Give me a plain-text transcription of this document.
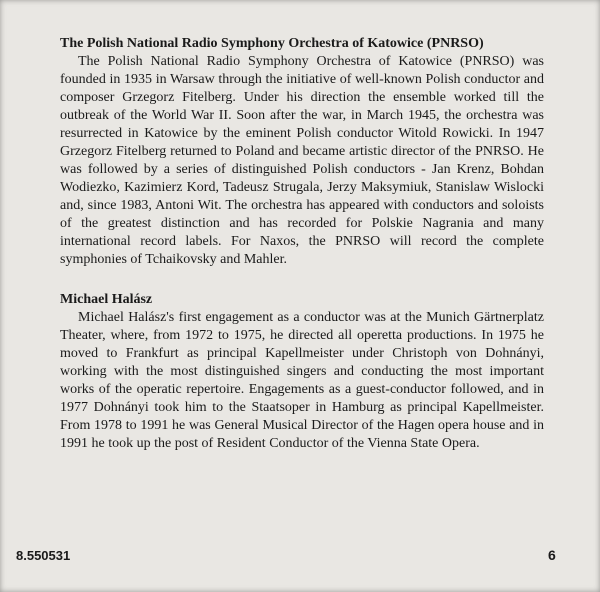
The Polish National Radio Symphony Orchestra of Katowice (PNRSO)

The Polish National Radio Symphony Orchestra of Katowice (PNRSO) was founded in 1935 in Warsaw through the initiative of well-known Polish conductor and composer Grzegorz Fitelberg. Under his direction the ensemble worked till the outbreak of the World War II. Soon after the war, in March 1945, the orchestra was resurrected in Katowice by the eminent Polish conductor Witold Rowicki. In 1947 Grzegorz Fitelberg returned to Poland and became artistic director of the PNRSO. He was followed by a series of distinguished Polish conductors - Jan Krenz, Bohdan Wodiezko, Kazimierz Kord, Tadeusz Strugala, Jerzy Maksymiuk, Stanislaw Wislocki and, since 1983, Antoni Wit. The orchestra has appeared with conductors and soloists of the greatest distinction and has recorded for Polskie Nagrania and many international record labels. For Naxos, the PNRSO will record the complete symphonies of Tchaikovsky and Mahler.

Michael Halász

Michael Halász's first engagement as a conductor was at the Munich Gärtnerplatz Theater, where, from 1972 to 1975, he directed all operetta productions. In 1975 he moved to Frankfurt as principal Kapellmeister under Christoph von Dohnányi, working with the most distinguished singers and conducting the most important works of the operatic repertoire. Engagements as a guest-conductor followed, and in 1977 Dohnányi took him to the Staatsoper in Hamburg as principal Kapellmeister. From 1978 to 1991 he was General Musical Director of the Hagen opera house and in 1991 he took up the post of Resident Conductor of the Vienna State Opera.

8.550531	6
